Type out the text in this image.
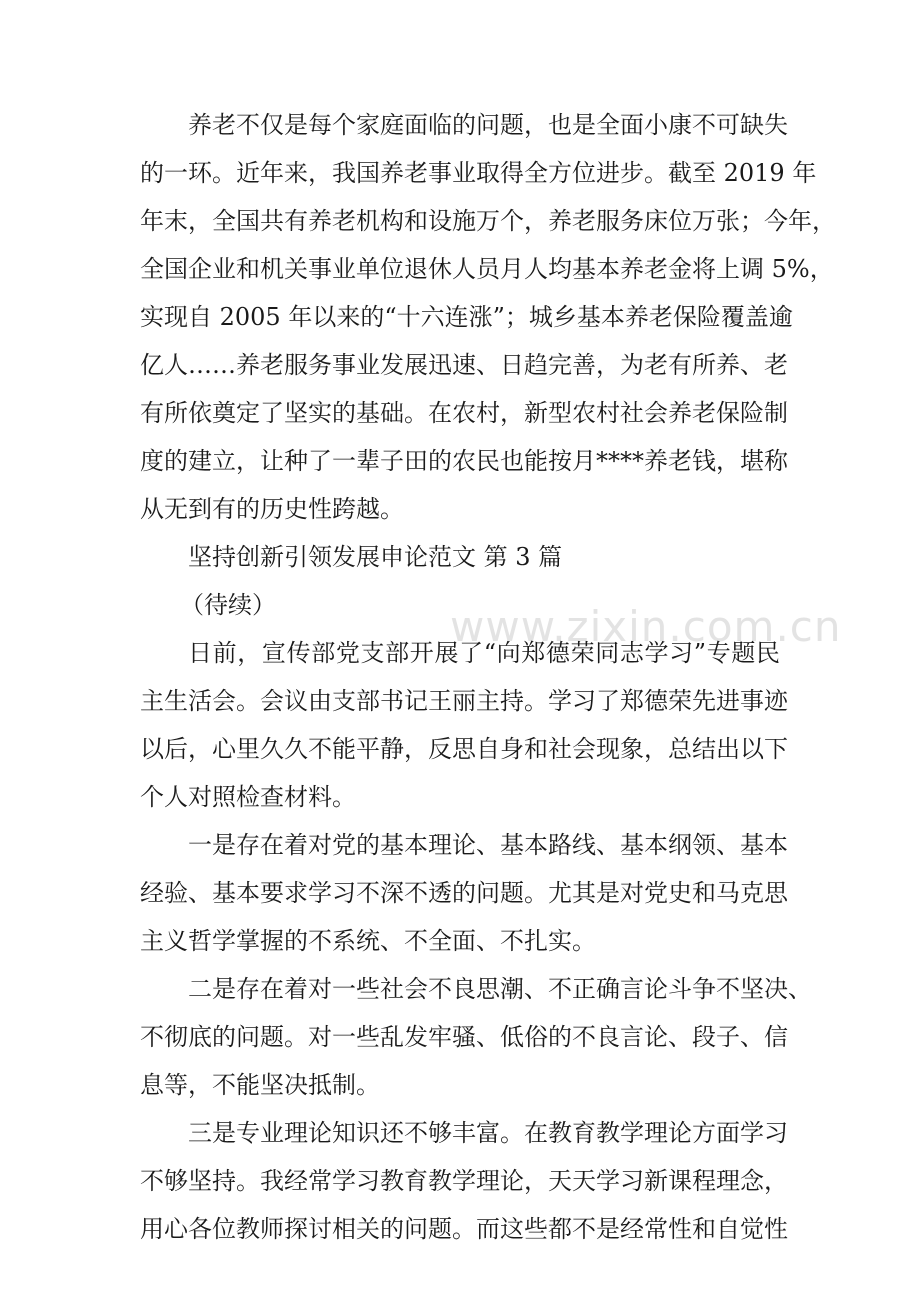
www.zixin.com.cn
养老不仅是每个家庭面临的问题，也是全面小康不可缺失
的一环。近年来，我国养老事业取得全方位进步。截至 2019 年
年末，全国共有养老机构和设施万个，养老服务床位万张；今年，
全国企业和机关事业单位退休人员月人均基本养老金将上调 5%，
实现自 2005 年以来的“十六连涨”；城乡基本养老保险覆盖逾
亿人……养老服务事业发展迅速、日趋完善，为老有所养、老
有所依奠定了坚实的基础。在农村，新型农村社会养老保险制
度的建立，让种了一辈子田的农民也能按月****养老钱，堪称
从无到有的历史性跨越。
坚持创新引领发展申论范文 第 3 篇
（待续）
日前，宣传部党支部开展了“向郑德荣同志学习”专题民
主生活会。会议由支部书记王丽主持。学习了郑德荣先进事迹
以后，心里久久不能平静，反思自身和社会现象，总结出以下
个人对照检查材料。
一是存在着对党的基本理论、基本路线、基本纲领、基本
经验、基本要求学习不深不透的问题。尤其是对党史和马克思
主义哲学掌握的不系统、不全面、不扎实。
二是存在着对一些社会不良思潮、不正确言论斗争不坚决、
不彻底的问题。对一些乱发牢骚、低俗的不良言论、段子、信
息等，不能坚决抵制。
三是专业理论知识还不够丰富。在教育教学理论方面学习
不够坚持。我经常学习教育教学理论，天天学习新课程理念，
用心各位教师探讨相关的问题。而这些都不是经常性和自觉性
